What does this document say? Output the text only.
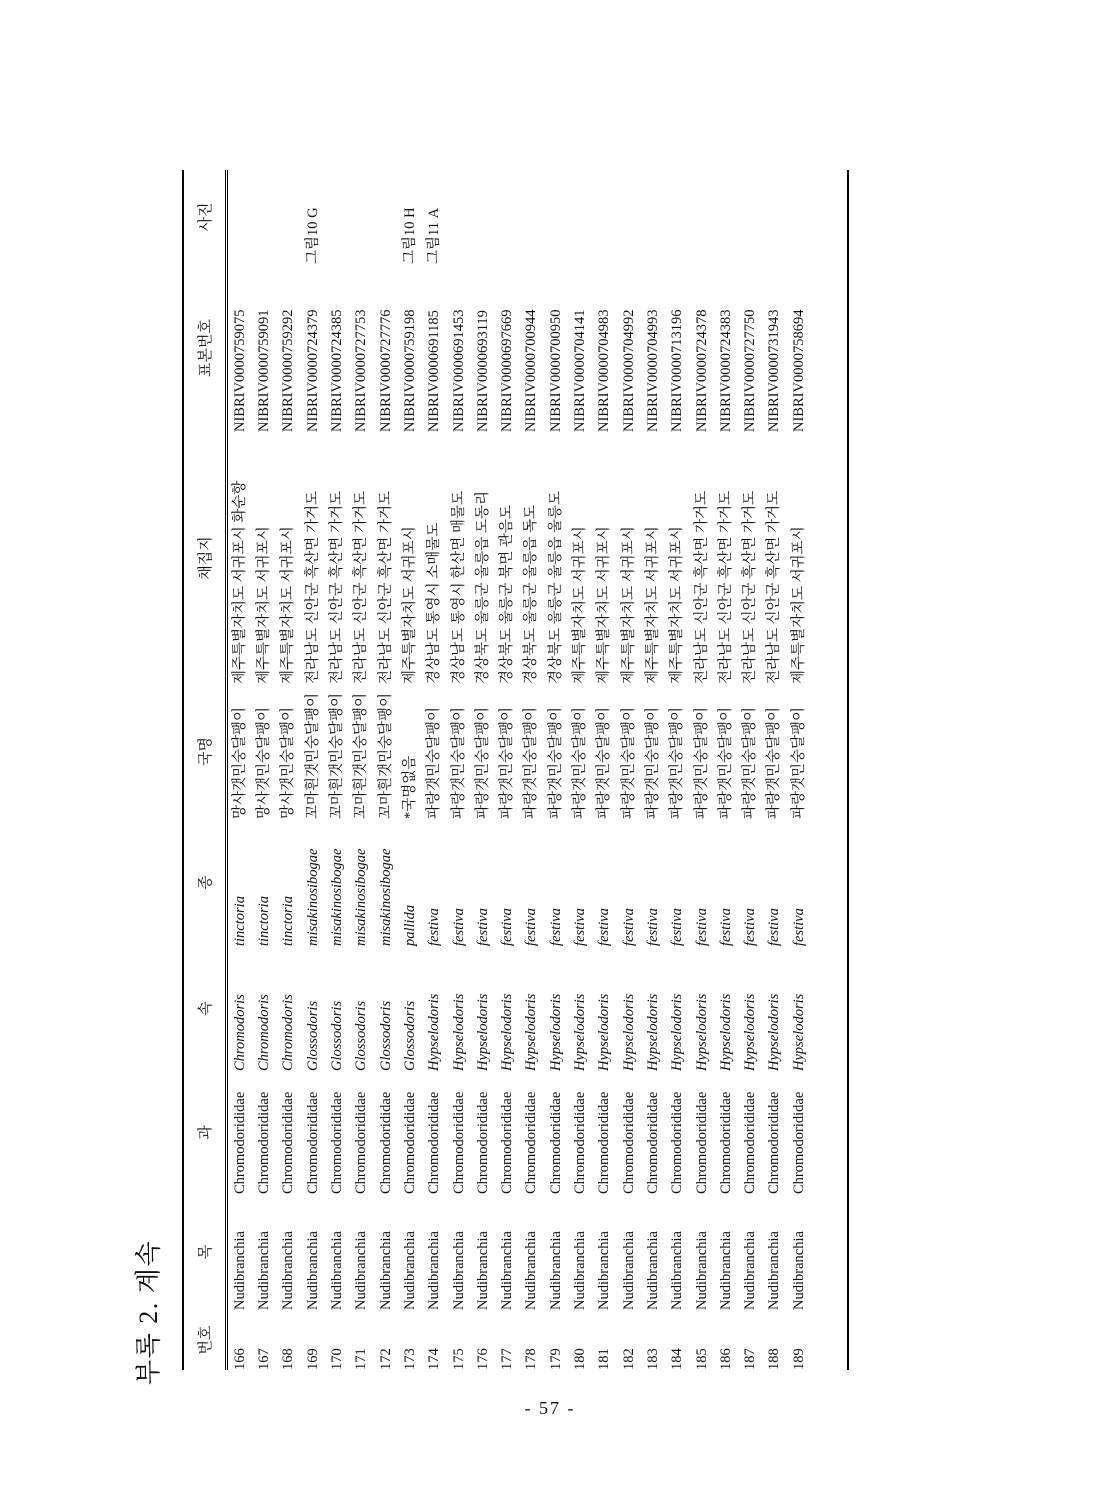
부록 2. 계속 번호
목
과
속
종
국명
채집지
표본번호
사진
166
Nudibranchia
Chromodorididae
Chromodoris
tinctoria
망사갯민숭달팽이
제주특별자치도 서귀포시 화순항
NIBRIV0000759075
167
Nudibranchia
Chromodorididae
Chromodoris
tinctoria
망사갯민숭달팽이
제주특별자치도 서귀포시
NIBRIV0000759091
168
Nudibranchia
Chromodorididae
Chromodoris
tinctoria
망사갯민숭달팽이
제주특별자치도 서귀포시
NIBRIV0000759292
169
Nudibranchia
Chromodorididae
Glossodoris
misakinosibogae
꼬마흰갯민숭달팽이
전라남도 신안군 흑산면 가거도
NIBRIV0000724379
그림10 G
170
Nudibranchia
Chromodorididae
Glossodoris
misakinosibogae
꼬마흰갯민숭달팽이
전라남도 신안군 흑산면 가거도
NIBRIV0000724385
171
Nudibranchia
Chromodorididae
Glossodoris
misakinosibogae
꼬마흰갯민숭달팽이
전라남도 신안군 흑산면 가거도
NIBRIV0000727753
172
Nudibranchia
Chromodorididae
Glossodoris
misakinosibogae
꼬마흰갯민숭달팽이
전라남도 신안군 흑산면 가거도
NIBRIV0000727776
173
Nudibranchia
Chromodorididae
Glossodoris
pallida
*국명없음
제주특별자치도 서귀포시
NIBRIV0000759198
그림10 H
174
Nudibranchia
Chromodorididae
Hypselodoris
festiva
파랑갯민숭달팽이
경상남도 통영시 소매물도
NIBRIV0000691185
그림11 A
175
Nudibranchia
Chromodorididae
Hypselodoris
festiva
파랑갯민숭달팽이
경상남도 통영시 한산면 매물도
NIBRIV0000691453
176
Nudibranchia
Chromodorididae
Hypselodoris
festiva
파랑갯민숭달팽이
경상북도 울릉군 울릉읍 도동리
NIBRIV0000693119
177
Nudibranchia
Chromodorididae
Hypselodoris
festiva
파랑갯민숭달팽이
경상북도 울릉군 북면 관음도
NIBRIV0000697669
178
Nudibranchia
Chromodorididae
Hypselodoris
festiva
파랑갯민숭달팽이
경상북도 울릉군 울릉읍 독도
NIBRIV0000700944
179
Nudibranchia
Chromodorididae
Hypselodoris
festiva
파랑갯민숭달팽이
경상북도 울릉군 울릉읍 울릉도
NIBRIV0000700950
180
Nudibranchia
Chromodorididae
Hypselodoris
festiva
파랑갯민숭달팽이
제주특별자치도 서귀포시
NIBRIV0000704141
181
Nudibranchia
Chromodorididae
Hypselodoris
festiva
파랑갯민숭달팽이
제주특별자치도 서귀포시
NIBRIV0000704983
182
Nudibranchia
Chromodorididae
Hypselodoris
festiva
파랑갯민숭달팽이
제주특별자치도 서귀포시
NIBRIV0000704992
183
Nudibranchia
Chromodorididae
Hypselodoris
festiva
파랑갯민숭달팽이
제주특별자치도 서귀포시
NIBRIV0000704993
184
Nudibranchia
Chromodorididae
Hypselodoris
festiva
파랑갯민숭달팽이
제주특별자치도 서귀포시
NIBRIV0000713196
185
Nudibranchia
Chromodorididae
Hypselodoris
festiva
파랑갯민숭달팽이
전라남도 신안군 흑산면 가거도
NIBRIV0000724378
186
Nudibranchia
Chromodorididae
Hypselodoris
festiva
파랑갯민숭달팽이
전라남도 신안군 흑산면 가거도
NIBRIV0000724383
187
Nudibranchia
Chromodorididae
Hypselodoris
festiva
파랑갯민숭달팽이
전라남도 신안군 흑산면 가거도
NIBRIV0000727750
188
Nudibranchia
Chromodorididae
Hypselodoris
festiva
파랑갯민숭달팽이
전라남도 신안군 흑산면 가거도
NIBRIV0000731943
189
Nudibranchia
Chromodorididae
Hypselodoris
festiva
파랑갯민숭달팽이
제주특별자치도 서귀포시
NIBRIV0000758694
- 57 -
